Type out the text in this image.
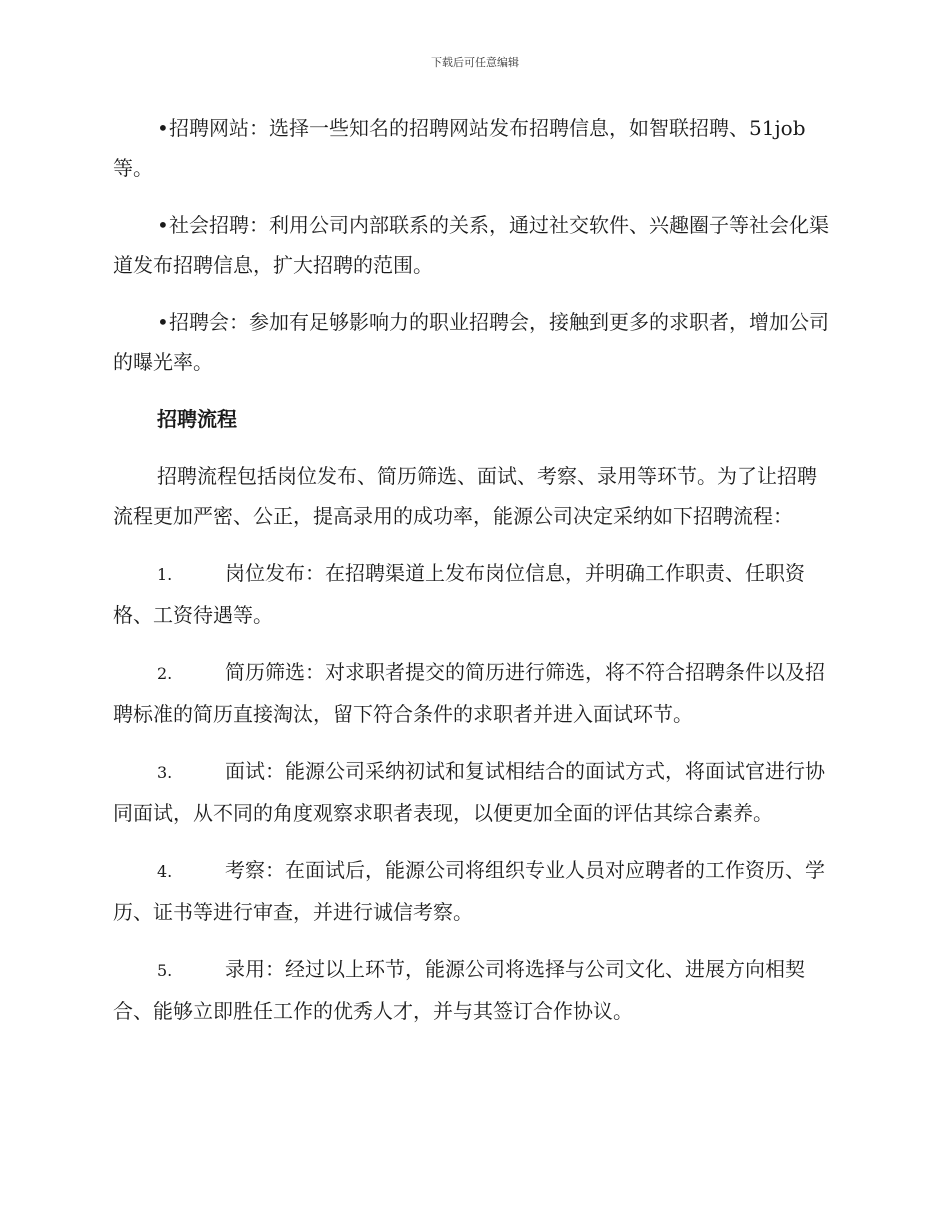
下载后可任意编辑

•招聘网站：选择一些知名的招聘网站发布招聘信息，如智联招聘、51job等。

•社会招聘：利用公司内部联系的关系，通过社交软件、兴趣圈子等社会化渠道发布招聘信息，扩大招聘的范围。

•招聘会：参加有足够影响力的职业招聘会，接触到更多的求职者，增加公司的曝光率。

招聘流程

招聘流程包括岗位发布、简历筛选、面试、考察、录用等环节。为了让招聘流程更加严密、公正，提高录用的成功率，能源公司决定采纳如下招聘流程：

1.	岗位发布：在招聘渠道上发布岗位信息，并明确工作职责、任职资格、工资待遇等。

2.	简历筛选：对求职者提交的简历进行筛选，将不符合招聘条件以及招聘标准的简历直接淘汰，留下符合条件的求职者并进入面试环节。

3.	面试：能源公司采纳初试和复试相结合的面试方式，将面试官进行协同面试，从不同的角度观察求职者表现，以便更加全面的评估其综合素养。

4.	考察：在面试后，能源公司将组织专业人员对应聘者的工作资历、学历、证书等进行审查，并进行诚信考察。

5.	录用：经过以上环节，能源公司将选择与公司文化、进展方向相契合、能够立即胜任工作的优秀人才，并与其签订合作协议。
